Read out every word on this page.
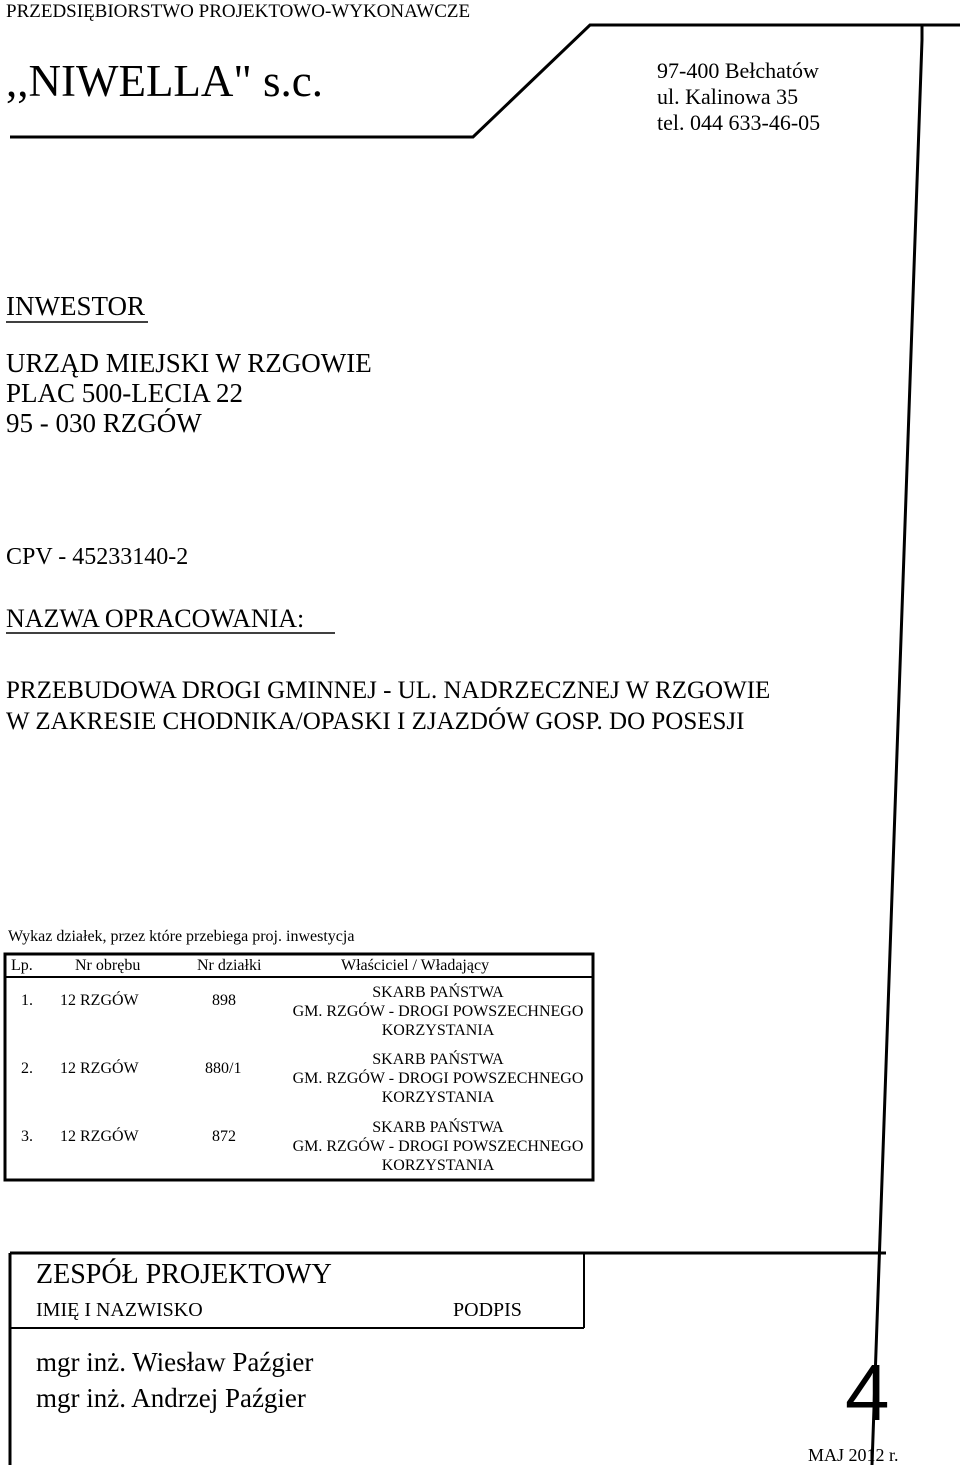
PRZEDSIĘBIORSTWO PROJEKTOWO-WYKONAWCZE
,,NIWELLA" s.c.	97-400 Bełchatów
ul. Kalinowa 35
tel. 044 633-46-05
INWESTOR
URZĄD MIEJSKI W RZGOWIE
PLAC 500-LECIA 22
95 - 030 RZGÓW
CPV - 45233140-2
NAZWA OPRACOWANIA:
PRZEBUDOWA DROGI GMINNEJ - UL. NADRZECZNEJ W RZGOWIE
W ZAKRESIE CHODNIKA/OPASKI I ZJAZDÓW GOSP. DO POSESJI
Wykaz działek, przez które przebiega proj. inwestycja
Lp.	Nr obrębu	Nr działki	Właściciel / Władający
1. 12 RZGÓW	898	SKARB PAŃSTWA
GM. RZGÓW - DROGI POWSZECHNEGO
KORZYSTANIA
2. 12 RZGÓW	880/1
SKARB PAŃSTWA
GM. RZGÓW - DROGI POWSZECHNEGO
KORZYSTANIA
3. 12 RZGÓW	872
SKARB PAŃSTWA
GM. RZGÓW - DROGI POWSZECHNEGO
KORZYSTANIA
ZESPÓŁ PROJEKTOWY
IMIĘ I NAZWISKO	PODPIS
mgr inż. Wiesław Paźgier
mgr inż. Andrzej Paźgier	4
MAJ 2012 r.
